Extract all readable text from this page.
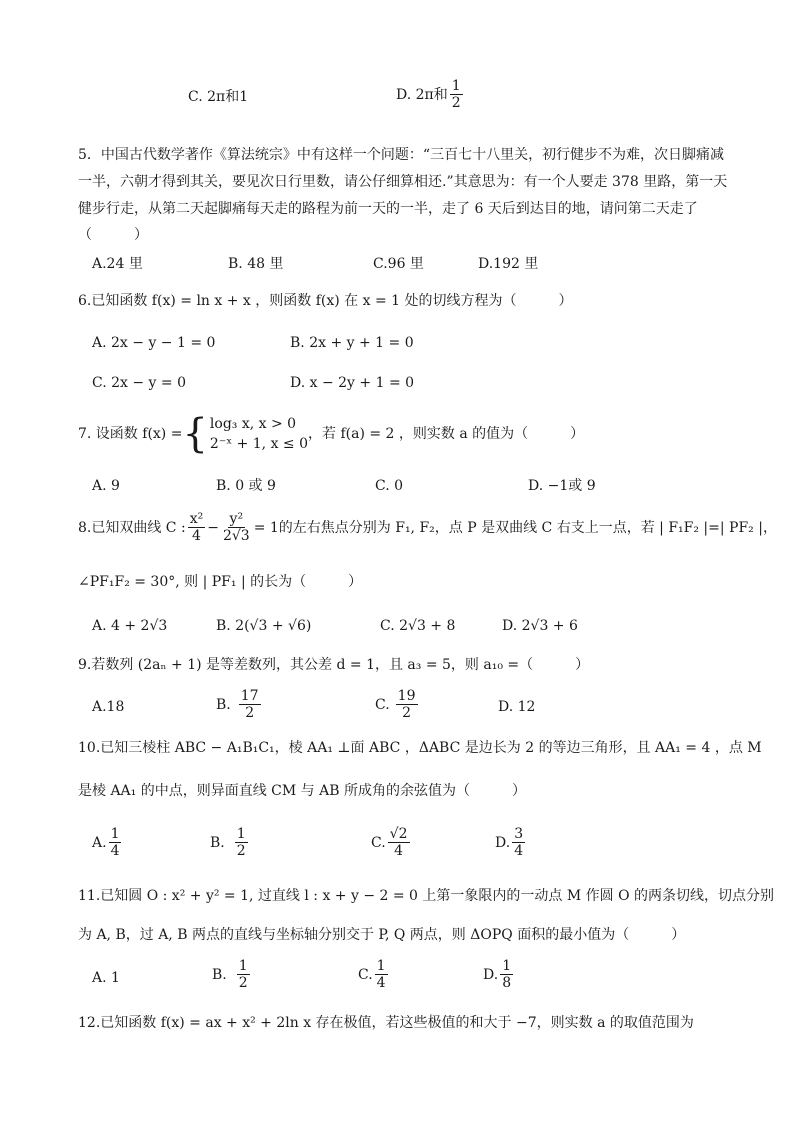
C. 2π和1	D. 2π和 $\frac{1}{2}$
5．中国古代数学著作《算法统宗》中有这样一个问题：“三百七十八里关，初行健步不为难，次日脚痛减
一半，六朝才得到其关，要见次日行里数，请公仔细算相还.”其意思为：有一个人要走 378 里路，第一天
健步行走，从第二天起脚痛每天走的路程为前一天的一半，走了 6 天后到达目的地，请问第二天走了
（　　　）
A.24 里	B. 48 里	C.96 里	D.192 里
6.已知函数 f(x) = ln x + x ，则函数 f(x) 在 x = 1 处的切线方程为（　　　）
A. 2x − y − 1 = 0	B. 2x + y + 1 = 0
C. 2x − y = 0	D. x − 2y + 1 = 0
7. 设函数 f(x) = { log₃ x, x > 0
2⁻ˣ + 1, x ≤ 0
，若 f(a) = 2 ，则实数 a 的值为（　　　）
A. 9	B. 0 或 9	C. 0	D. −1或 9
8.已知双曲线 C : $\frac{\text{x²}}{4} - \frac{\text{y²}}{2√3} = 1$的左右焦点分别为 F₁, F₂，点 P 是双曲线 C 右支上一点，若 | F₁F₂ |=| PF₂ |，
∠PF₁F₂ = 30°, 则 | PF₁ | 的长为（　　　）
A. 4 + 2√3	B. 2(√3 + √6)	C. 2√3 + 8	D. 2√3 + 6
9.若数列 (2aₙ + 1) 是等差数列，其公差 d = 1，且 a₃ = 5，则 a₁₀ =（　　　）
A.18	B. $\frac{17}{2}$	C. $\frac{19}{2}$	D. 12
10.已知三棱柱 ABC − A₁B₁C₁，棱 AA₁ ⊥面 ABC ，ΔABC 是边长为 2 的等边三角形，且 AA₁ = 4 ，点 M
是棱 AA₁ 的中点，则异面直线 CM 与 AB 所成角的余弦值为（　　　）
A. $\frac{1}{4}$	B. $\frac{1}{2}$	C. $\frac{√2}{4}$	D. $\frac{3}{4}$
11.已知圆 O : x² + y² = 1, 过直线 l : x + y − 2 = 0 上第一象限内的一动点 M 作圆 O 的两条切线，切点分别
为 A, B，过 A, B 两点的直线与坐标轴分别交于 P, Q 两点，则 ΔOPQ 面积的最小值为（　　　）
A. 1	B. $\frac{1}{2}$	C. $\frac{1}{4}$	D. $\frac{1}{8}$
12.已知函数 f(x) = ax + x² + 2ln x 存在极值，若这些极值的和大于 −7，则实数 a 的取值范围为
